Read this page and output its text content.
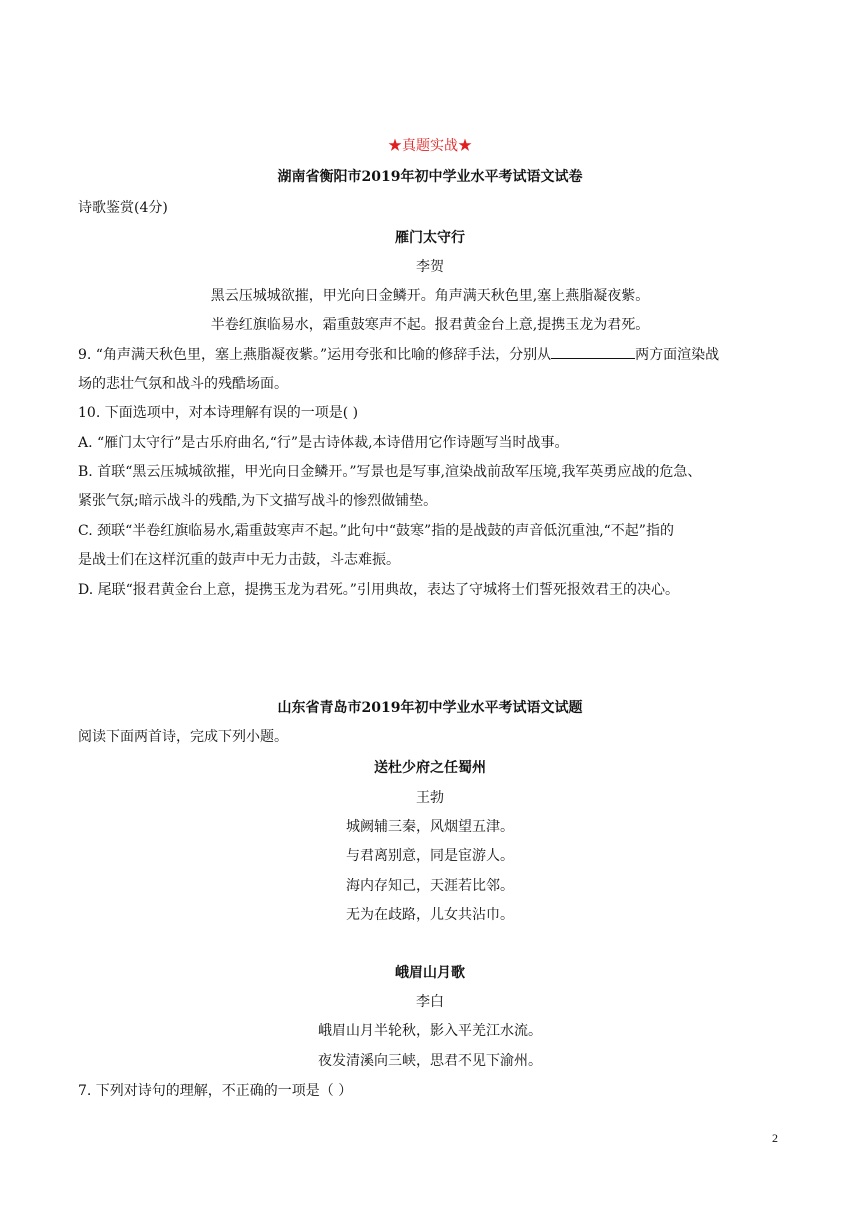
★真题实战★
湖南省衡阳市2019年初中学业水平考试语文试卷
诗歌鉴赏(4分)
雁门太守行
李贺
黑云压城城欲摧，甲光向日金鳞开。角声满天秋色里,塞上燕脂凝夜紫。
半卷红旗临易水，霜重鼓寒声不起。报君黄金台上意,提携玉龙为君死。
9. “角声满天秋色里，塞上燕脂凝夜紫。”运用夸张和比喻的修辞手法，分别从	两方面渲染战
场的悲壮气氛和战斗的残酷场面。
10. 下面选项中，对本诗理解有误的一项是( )
A. “雁门太守行”是古乐府曲名,“行”是古诗体裁,本诗借用它作诗题写当时战事。
B. 首联“黑云压城城欲摧，甲光向日金鳞开。”写景也是写事,渲染战前敌军压境,我军英勇应战的危急、
紧张气氛;暗示战斗的残酷,为下文描写战斗的惨烈做铺垫。
C. 颈联“半卷红旗临易水,霜重鼓寒声不起。”此句中“鼓寒”指的是战鼓的声音低沉重浊,“不起”指的
是战士们在这样沉重的鼓声中无力击鼓，斗志难振。
D. 尾联“报君黄金台上意，提携玉龙为君死。”引用典故，表达了守城将士们誓死报效君王的决心。
山东省青岛市2019年初中学业水平考试语文试题
阅读下面两首诗，完成下列小题。
送杜少府之任蜀州
王勃
城阙辅三秦，风烟望五津。
与君离别意，同是宦游人。
海内存知己，天涯若比邻。
无为在歧路，儿女共沾巾。
峨眉山月歌
李白
峨眉山月半轮秋，影入平羌江水流。
夜发清溪向三峡，思君不见下渝州。
7. 下列对诗句的理解，不正确的一项是（ ）
2
